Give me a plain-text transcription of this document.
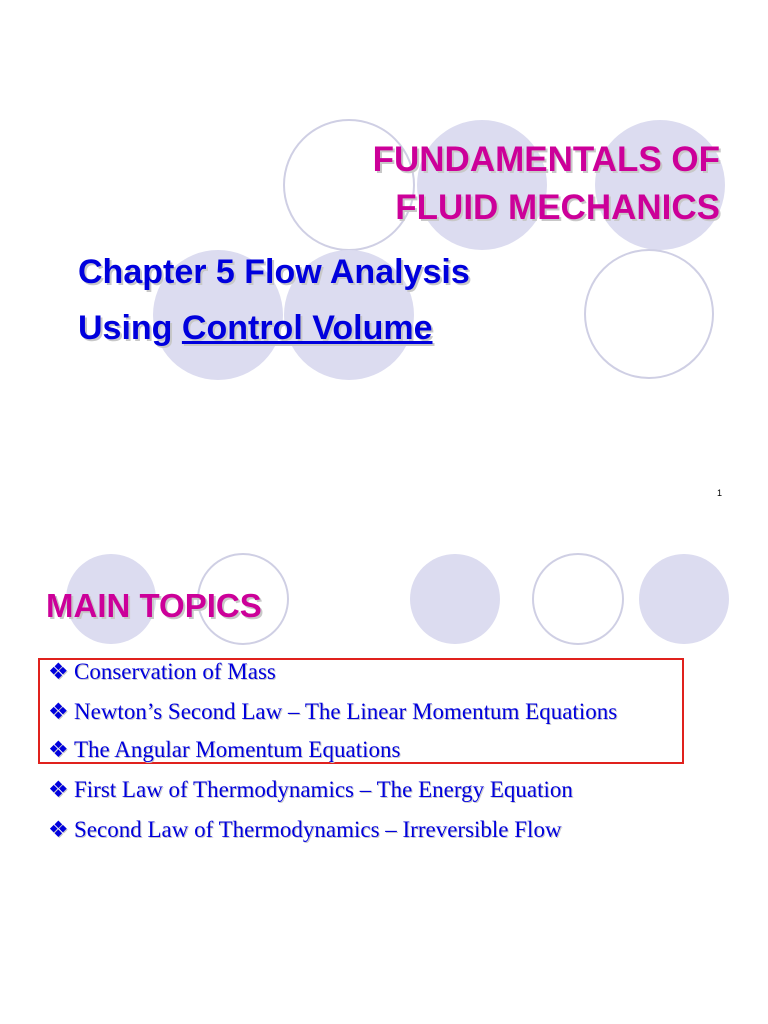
FUNDAMENTALS OF
FLUID MECHANICS
Chapter 5 Flow Analysis
Using Control Volume

1

MAIN TOPICS
❖ Conservation of Mass
❖ Newton’s Second Law – The Linear Momentum Equations
❖ The Angular Momentum Equations
❖ First Law of Thermodynamics – The Energy Equation
❖ Second Law of Thermodynamics – Irreversible Flow
